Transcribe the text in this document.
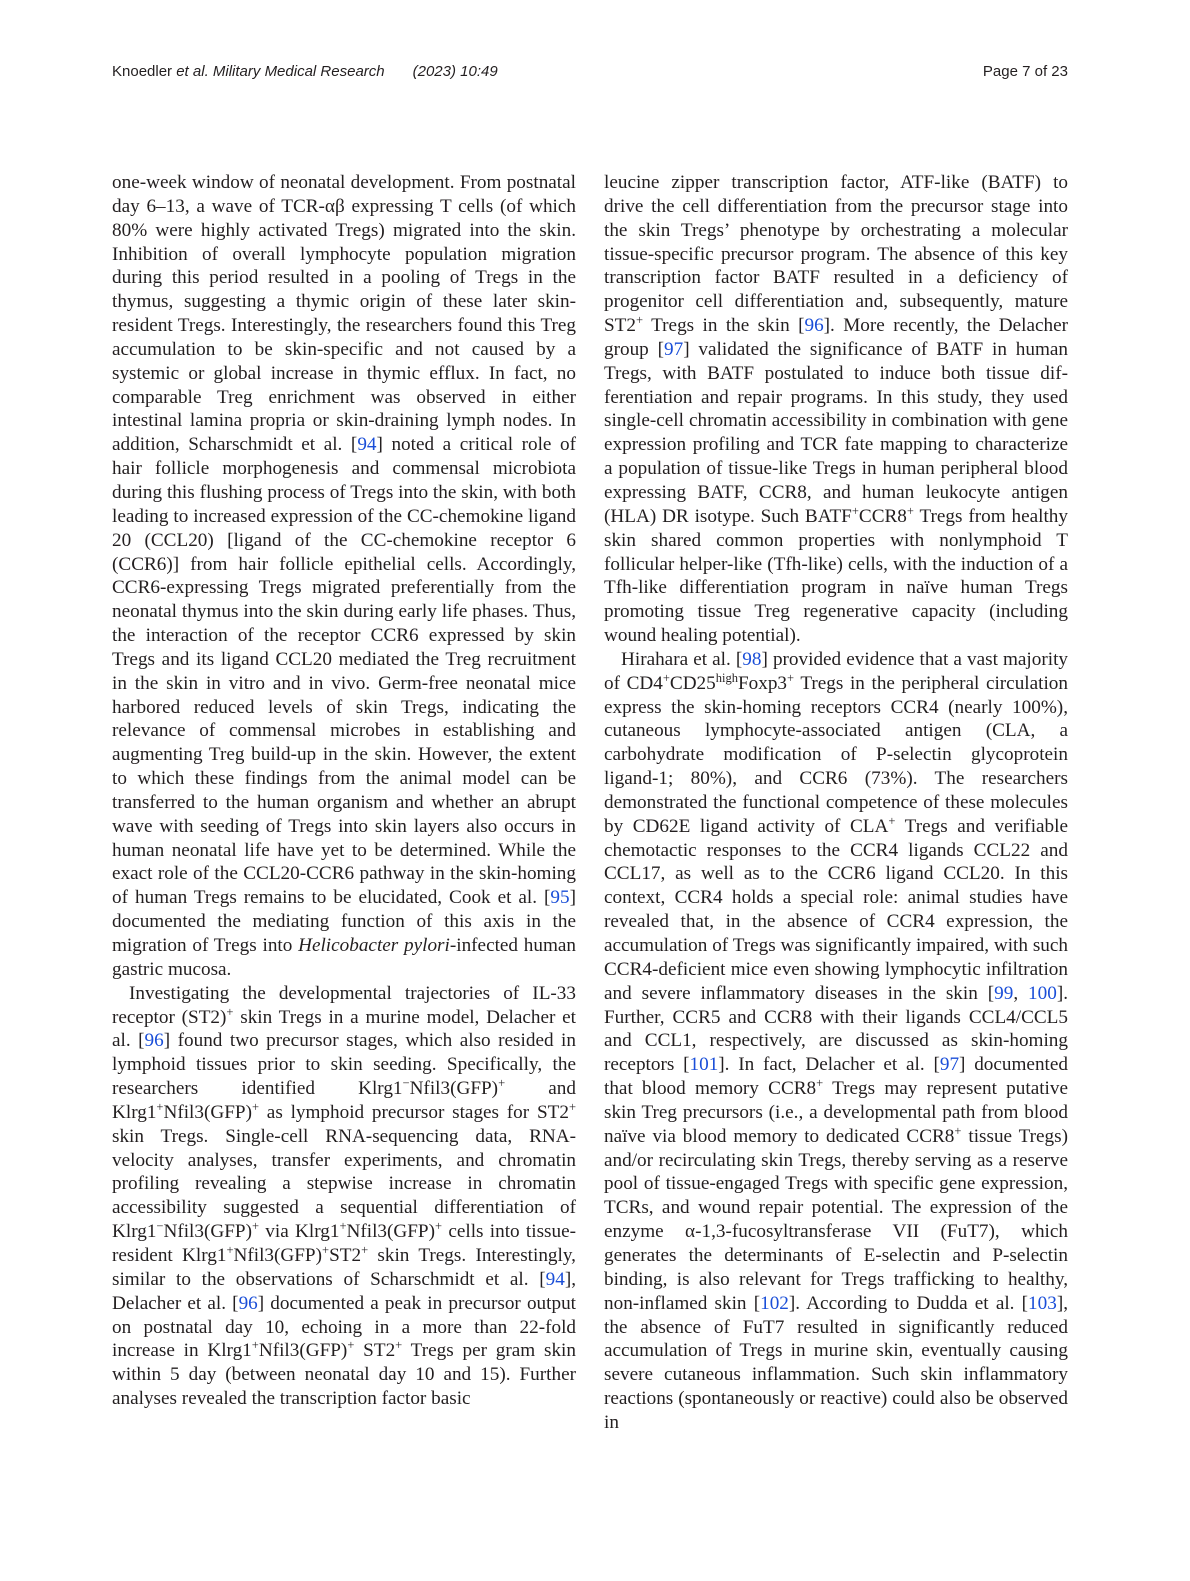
Knoedler et al. Military Medical Research (2023) 10:49	Page 7 of 23

one-week window of neonatal development. From postnatal day 6–13, a wave of TCR-αβ expressing T cells (of which 80% were highly activated Tregs) migrated into the skin. Inhibition of overall lymphocyte population migration during this period resulted in a pooling of Tregs in the thymus, suggesting a thymic origin of these later skin-resident Tregs. Interestingly, the researchers found this Treg accumulation to be skin-specific and not caused by a systemic or global increase in thymic efflux. In fact, no comparable Treg enrichment was observed in either intestinal lamina propria or skin-draining lymph nodes. In addition, Scharschmidt et al. [94] noted a critical role of hair follicle morphogenesis and commensal microbiota during this flushing process of Tregs into the skin, with both leading to increased expression of the CC-chemokine ligand 20 (CCL20) [ligand of the CC-chemokine receptor 6 (CCR6)] from hair follicle epithelial cells. Accordingly, CCR6-expressing Tregs migrated preferentially from the neonatal thymus into the skin during early life phases. Thus, the interaction of the receptor CCR6 expressed by skin Tregs and its ligand CCL20 mediated the Treg recruitment in the skin in vitro and in vivo. Germ-free neonatal mice harbored reduced levels of skin Tregs, indicating the relevance of commensal microbes in establishing and augmenting Treg build-up in the skin. However, the extent to which these findings from the animal model can be transferred to the human organism and whether an abrupt wave with seeding of Tregs into skin layers also occurs in human neonatal life have yet to be determined. While the exact role of the CCL20-CCR6 pathway in the skin-homing of human Tregs remains to be elucidated, Cook et al. [95] documented the mediating function of this axis in the migration of Tregs into Helicobacter pylori-infected human gastric mucosa.

Investigating the developmental trajectories of IL-33 receptor (ST2)+ skin Tregs in a murine model, Delacher et al. [96] found two precursor stages, which also resided in lymphoid tissues prior to skin seeding. Specifically, the researchers identified Klrg1−Nfil3(GFP)+ and Klrg1+Nfil3(GFP)+ as lymphoid precursor stages for ST2+ skin Tregs. Single-cell RNA-sequencing data, RNA-velocity analyses, transfer experiments, and chromatin profiling revealing a stepwise increase in chromatin accessibility suggested a sequential differentiation of Klrg1−Nfil3(GFP)+ via Klrg1+Nfil3(GFP)+ cells into tissue-resident Klrg1+Nfil3(GFP)+ST2+ skin Tregs. Interestingly, similar to the observations of Scharschmidt et al. [94], Delacher et al. [96] documented a peak in precursor output on postnatal day 10, echoing in a more than 22-fold increase in Klrg1+Nfil3(GFP)+ ST2+ Tregs per gram skin within 5 day (between neonatal day 10 and 15). Further analyses revealed the transcription factor basic

leucine zipper transcription factor, ATF-like (BATF) to drive the cell differentiation from the precursor stage into the skin Tregs’ phenotype by orchestrating a molecular tissue-specific precursor program. The absence of this key transcription factor BATF resulted in a deficiency of progenitor cell differentiation and, subsequently, mature ST2+ Tregs in the skin [96]. More recently, the Delacher group [97] validated the significance of BATF in human Tregs, with BATF postulated to induce both tissue differentiation and repair programs. In this study, they used single-cell chromatin accessibility in combination with gene expression profiling and TCR fate mapping to characterize a population of tissue-like Tregs in human peripheral blood expressing BATF, CCR8, and human leukocyte antigen (HLA) DR isotype. Such BATF+CCR8+ Tregs from healthy skin shared common properties with nonlymphoid T follicular helper-like (Tfh-like) cells, with the induction of a Tfh-like differentiation program in naïve human Tregs promoting tissue Treg regenerative capacity (including wound healing potential).

Hirahara et al. [98] provided evidence that a vast majority of $CD4^+CD25^{high}Foxp3^+$ Tregs in the peripheral circulation express the skin-homing receptors CCR4 (nearly 100%), cutaneous lymphocyte-associated antigen (CLA, a carbohydrate modification of P-selectin glycoprotein ligand-1; 80%), and CCR6 (73%). The researchers demonstrated the functional competence of these molecules by CD62E ligand activity of CLA+ Tregs and verifiable chemotactic responses to the CCR4 ligands CCL22 and CCL17, as well as to the CCR6 ligand CCL20. In this context, CCR4 holds a special role: animal studies have revealed that, in the absence of CCR4 expression, the accumulation of Tregs was significantly impaired, with such CCR4-deficient mice even showing lymphocytic infiltration and severe inflammatory diseases in the skin [99, 100]. Further, CCR5 and CCR8 with their ligands CCL4/CCL5 and CCL1, respectively, are discussed as skin-homing receptors [101]. In fact, Delacher et al. [97] documented that blood memory CCR8+ Tregs may represent putative skin Treg precursors (i.e., a developmental path from blood naïve via blood memory to dedicated CCR8+ tissue Tregs) and/or recirculating skin Tregs, thereby serving as a reserve pool of tissue-engaged Tregs with specific gene expression, TCRs, and wound repair potential. The expression of the enzyme α-1,3-fucosyltransferase VII (FuT7), which generates the determinants of E-selectin and P-selectin binding, is also relevant for Tregs trafficking to healthy, non-inflamed skin [102]. According to Dudda et al. [103], the absence of FuT7 resulted in significantly reduced accumulation of Tregs in murine skin, eventually causing severe cutaneous inflammation. Such skin inflammatory reactions (spontaneously or reactive) could also be observed in
